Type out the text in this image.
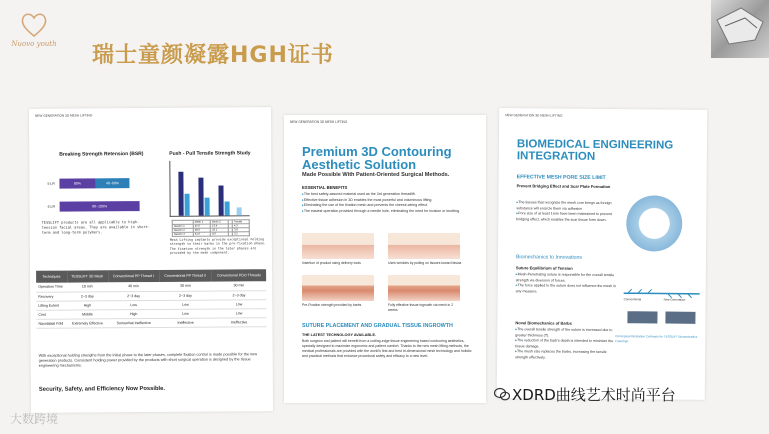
Nuovo youth 瑞士童颜凝露HGH证书
NEW GENERATION 3D MESH LIFTING
Breaking Strength Retension (BSR)
5 LR	80%	40~60%
6 LR	90~100%
TESSLIFT products are all applicable to high-tension facial areas. They are available in short-term and long-term polymers.
Push - Pull Tensile Strength Study
	Mesh 1	Mesh 2		Tensile
Newton 1	45.0	13.4		4.3
Newton 2	38.0	10.1		3.8
Newton 3	31.0	8.0		3.2
Mesh Lifting implants provide exceptional holding strength to their barbs in the pre-fixation phase. The fixation strength in the later phases are provided by the mesh component.
Techniques	TESSLIFT 3D Mesh	Conventional PP Thread I	Conventional PP Thread II	Conventional PDO Threads
Operation Time	10 min	40 min	30 min	30 min
Recovery	2~3 day	2~3 day	2~3 day	2~3 day
Lifting Extent	High	Low	Low	Low
Cost	Middle	High	Low	Low
Nasolabial Fold	Extremely Effective	Somewhat Ineffective	Ineffective	Ineffective
With exceptional holding strengths from the initial phase to the later phases, complete fixation control is made possible for the new generation products. Consistent holding power provided by the products with short surgical operation is designed by the tissue engineering mechanisms.
Security, Safety, and Efficiency Now Possible.
NEW GENERATION 3D MESH LIFTING
Premium 3D Contouring Aesthetic Solution
Made Possible With Patient-Oriented Surgical Methods.
ESSENTIAL BENEFITS
▸ The best safety-assured material used as the 3rd generation threadlift.
▸ Effective tissue adhesion in 3D enables the most powerful and voluminous lifting.
▸ Eliminating the use of the fixation mesh and prevents the cheese-wiring effect.
▸ The easiest operation provided through a needle hole, eliminating the need for incision or knotting.
Insertion of product using delivery tools	Uses wrinkles by pulling on tissues toward fascia
Pre-Fixation strength provided by barbs	Fully effective tissue ingrowth via mesh in 2 weeks
SUTURE PLACEMENT AND GRADUAL TISSUE INGROWTH
THE LATEST TECHNOLOGY AVAILABLE.
Both surgeon and patient will benefit from a cutting-edge tissue engineering based contouring aesthetics, specially designed to maximize ergonomic and patient comfort. Thanks to the new mesh lifting methods, the medical professionals are provided with the world's first and best tri-dimensional mesh technology and holistic and practical methods that enhance procedural safety and efficacy to a new level.
NEW GENERATION 3D MESH LIFTING
BIOMEDICAL ENGINEERING INTEGRATION
EFFECTIVE MESH PORE SIZE LIMIT
Prevent Bridging Effect and Scar Plate Formation
▸ The tissues that recognize the mesh core brings as foreign substance will encircle them via adhesion
▸ Pore size of at least 1mm have been maintained to prevent bridging effect, which enables the scar tissue form down.
Biomechanics to Innovations
Suture Equilibrium of Tension
▸ Mesh-Penetrating suture is responsible for the overall tensile strength via diversion of forces.
▸ The force applied to the suture does not influence the mesh in any measure.
Novel Biomechanics of Barbs
▸ The overall tensile strength of the suture is increased due to greater thickness (T).
▸ The reduction of the barb's depth is intended to minimize the tissue damage.
▸ The mesh size replaces the barbs, increasing the tensile strength effectively.
Conventional	New Generation
Conceptual Illustration Contrasts for TESSLIFT Biomechanics Flowchart
XDRD曲线艺术时尚平台
大数跨境
